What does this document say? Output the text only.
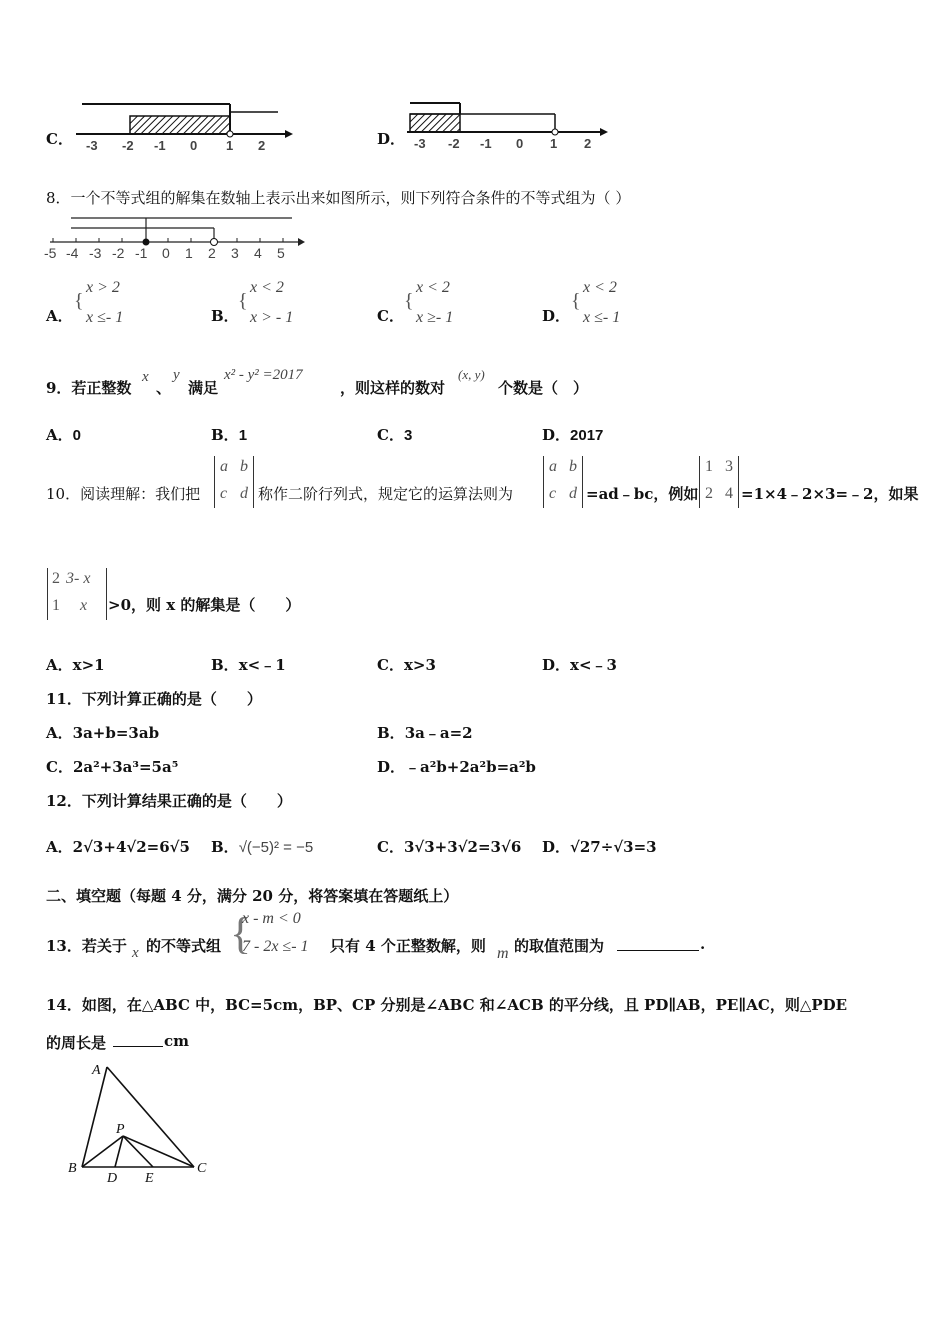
C． -3 -2 -1 0 1 2	D． -3 -2 -1 0 1 2
8．一个不等式组的解集在数轴上表示出来如图所示，则下列符合条件的不等式组为（ ）
-5 -4 -3 -2 -1 0 1 2 3 4 5
A．
{
x > 2
x ≤- 1	B．
{
x < 2
x > - 1	C．
{
x < 2
x ≥- 1	D．
{
x < 2
x ≤- 1
9．若正整数
x
、
y
满足
x² - y² =2017
，则这样的数对
(x, y)
个数是（　）
A．0	B．1	C．3	D．2017
10．阅读理解：我们把
a b
c d 称作二阶行列式，规定它的运算法则为
a b
c d =ad﹣bc，例如
1 3
2 4 =1×4﹣2×3=﹣2，如果
2 3- x
1 x >0，则 x 的解集是（　　）
A．x>1	B．x<﹣1	C．x>3	D．x<﹣3
11．下列计算正确的是（　　）
A．3a+b=3ab	B．3a﹣a=2
C．2a²+3a³=5a⁵	D．﹣a²b+2a²b=a²b
12．下列计算结果正确的是（　　）
A．2√3+4√2=6√5 B．√(−5)² = −5	C．3√3+3√2=3√6 D．√27÷√3=3
二、填空题（每题 4 分，满分 20 分，将答案填在答题纸上）
13．若关于 x 的不等式组 {
x - m < 0
7 - 2x ≤- 1 只有 4 个正整数解，则 m 的取值范围为	.
14．如图，在△ABC 中，BC=5cm，BP、CP 分别是∠ABC 和∠ACB 的平分线，且 PD∥AB，PE∥AC，则△PDE
的周长是	cm
A
B	C
P
D E
